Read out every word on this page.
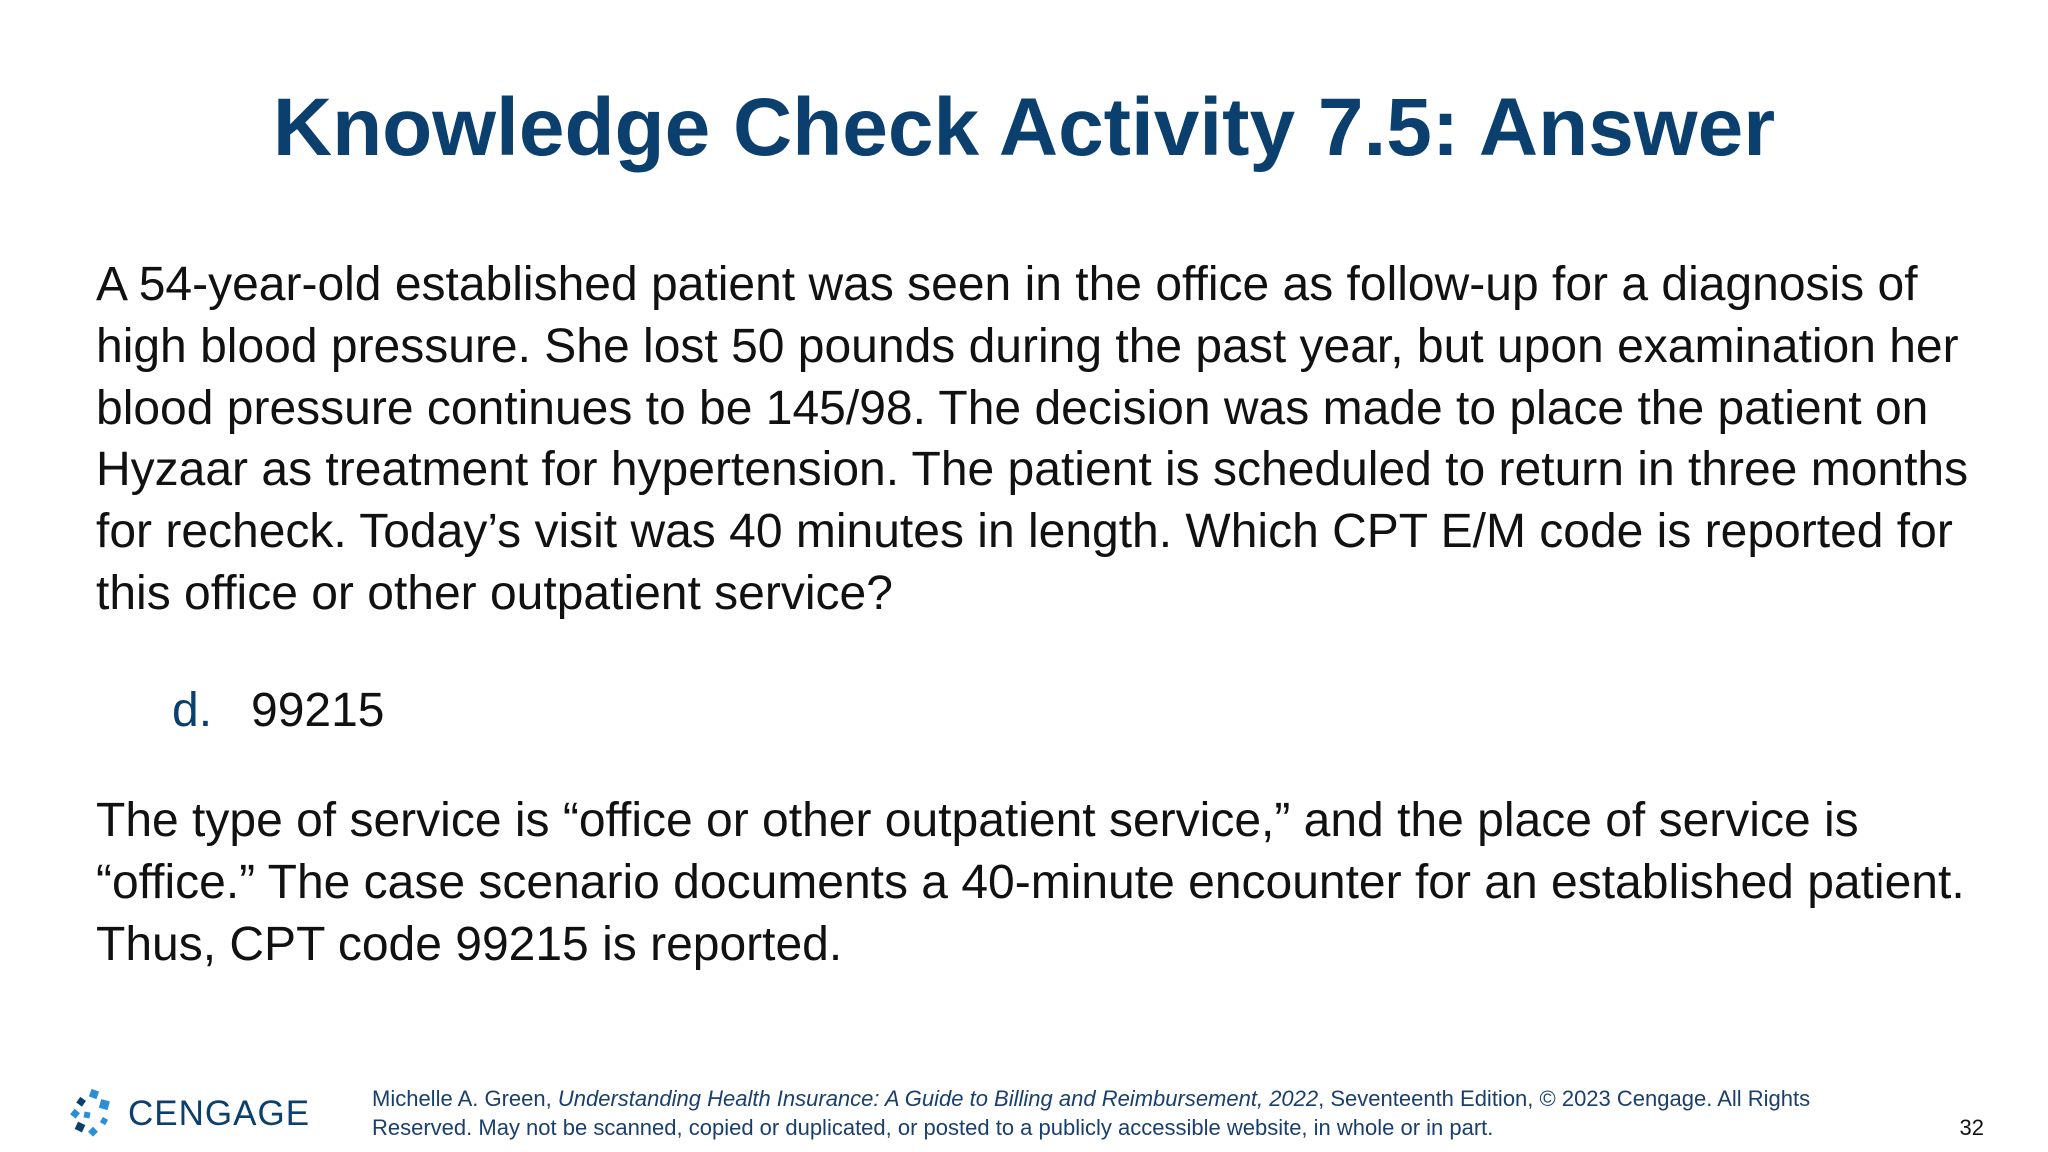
Knowledge Check Activity 7.5: Answer

A 54-year-old established patient was seen in the office as follow-up for a diagnosis of high blood pressure. She lost 50 pounds during the past year, but upon examination her blood pressure continues to be 145/98. The decision was made to place the patient on Hyzaar as treatment for hypertension. The patient is scheduled to return in three months for recheck. Today’s visit was 40 minutes in length. Which CPT E/M code is reported for this office or other outpatient service?

d. 99215

The type of service is “office or other outpatient service,” and the place of service is “office.” The case scenario documents a 40-minute encounter for an established patient. Thus, CPT code 99215 is reported.

CENGAGE	Michelle A. Green, Understanding Health Insurance: A Guide to Billing and Reimbursement, 2022, Seventeenth Edition, © 2023 Cengage. All Rights Reserved. May not be scanned, copied or duplicated, or posted to a publicly accessible website, in whole or in part.	32
